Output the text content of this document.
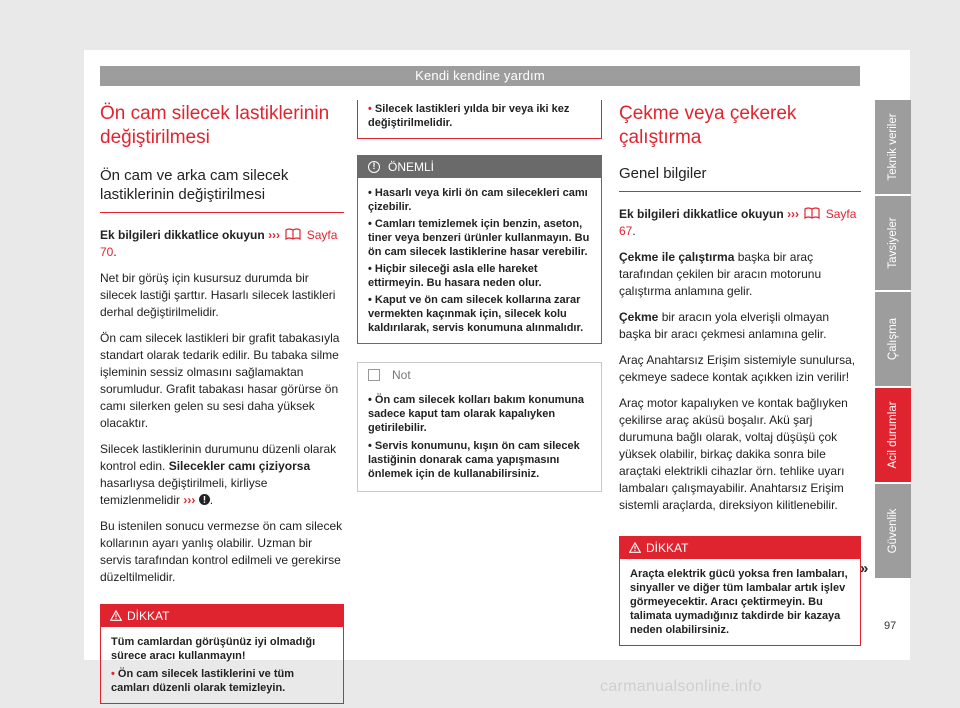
Kendi kendine yardım
Ön cam silecek lastiklerinin değiştirilmesi
Ön cam ve arka cam silecek lastiklerinin değiştirilmesi

Ek bilgileri dikkatlice okuyun ››› Sayfa 70.

Net bir görüş için kusursuz durumda bir silecek lastiği şarttır. Hasarlı silecek lastikleri derhal değiştirilmelidir.

Ön cam silecek lastikleri bir grafit tabakasıyla standart olarak tedarik edilir. Bu tabaka silme işleminin sessiz olmasını sağlamaktan sorumludur. Grafit tabakası hasar görürse ön camı silerken gelen su sesi daha yüksek olacaktır.

Silecek lastiklerinin durumunu düzenli olarak kontrol edin. Silecekler camı çiziyorsa hasarlıysa değiştirilmeli, kirliyse temizlenmelidir ››› .

Bu istenilen sonucu vermezse ön cam silecek kollarının ayarı yanlış olabilir. Uzman bir servis tarafından kontrol edilmeli ve gerekirse düzeltilmelidir.

DİKKAT
Tüm camlardan görüşünüz iyi olmadığı sürece aracı kullanmayın!
• Ön cam silecek lastiklerini ve tüm camları düzenli olarak temizleyin.
• Silecek lastikleri yılda bir veya iki kez değiştirilmelidir.
!	ÖNEMLİ
• Hasarlı veya kirli ön cam silecekleri camı çizebilir.
• Camları temizlemek için benzin, aseton, tiner veya benzeri ürünler kullanmayın. Bu ön cam silecek lastiklerine hasar verebilir.
• Hiçbir sileceği asla elle hareket ettirmeyin. Bu hasara neden olur.
• Kaput ve ön cam silecek kollarına zarar vermekten kaçınmak için, silecek kolu kaldırılarak, servis konumuna alınmalıdır.
Not
• Ön cam silecek kolları bakım konumuna sadece kaput tam olarak kapalıyken getirilebilir.
• Servis konumunu, kışın ön cam silecek lastiğinin donarak cama yapışmasını önlemek için de kullanabilirsiniz.
Çekme veya çekerek çalıştırma
Genel bilgiler

Ek bilgileri dikkatlice okuyun ››› Sayfa 67.

Çekme ile çalıştırma başka bir araç tarafından çekilen bir aracın motorunu çalıştırma anlamına gelir.

Çekme bir aracın yola elverişli olmayan başka bir aracı çekmesi anlamına gelir.

Araç Anahtarsız Erişim sistemiyle sunulursa, çekmeye sadece kontak açıkken izin verilir!

Araç motor kapalıyken ve kontak bağlıyken çekilirse araç aküsü boşalır. Akü şarj durumuna bağlı olarak, voltaj düşüşü çok yüksek olabilir, birkaç dakika sonra bile araçtaki elektrikli cihazlar örn. tehlike uyarı lambaları çalışmayabilir. Anahtarsız Erişim sistemli araçlarda, direksiyon kilitlenebilir.

DİKKAT
Araçta elektrik gücü yoksa fren lambaları, sinyaller ve diğer tüm lambalar artık işlev görmeyecektir. Aracı çektirmeyin. Bu talimata uymadığınız takdirde bir kazaya neden olabilirsiniz.
»
Teknik veriler
Tavsiyeler
Çalışma
Acil durumlar
Güvenlik
97
carmanualsonline.info
